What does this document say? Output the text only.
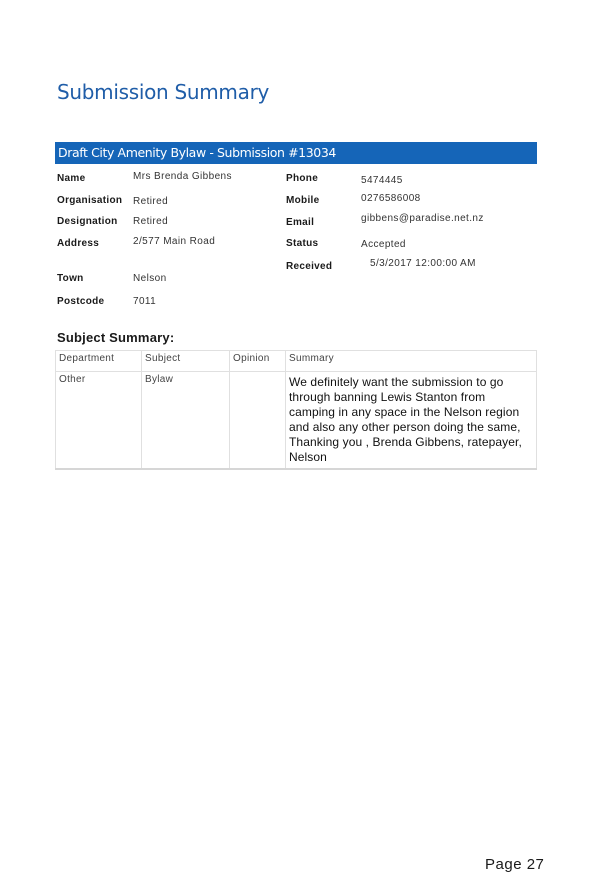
Submission Summary
Draft City Amenity Bylaw - Submission #13034
Name	Mrs Brenda Gibbens
Organisation Retired
Designation Retired
Address	2/577 Main Road
Town	Nelson
Postcode	7011
Phone	5474445
Mobile	0276586008
Email	gibbens@paradise.net.nz
Status	Accepted
Received	5/3/2017 12:00:00 AM
Subject Summary:
Department	Subject	Opinion	Summary
Other	Bylaw		We definitely want the submission to go through banning Lewis Stanton from camping in any space in the Nelson region and also any other person doing the same, Thanking you , Brenda Gibbens, ratepayer, Nelson
Page 27
